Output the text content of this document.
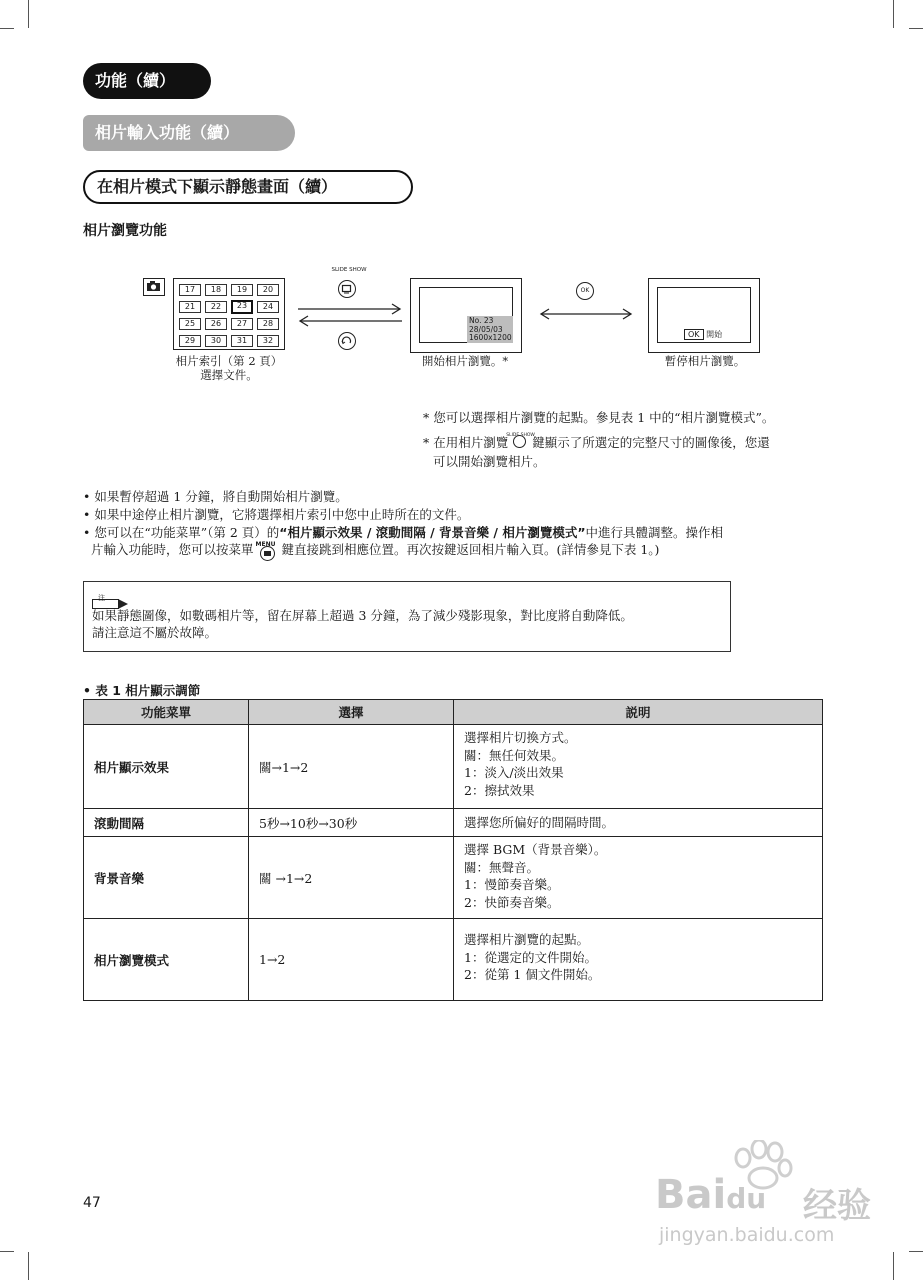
功能（續）
相片輸入功能（續）
在相片模式下顯示靜態畫面（續）
相片瀏覽功能
17	18	19	20
21	22	23	24
25	26	27	28
29	30	31	32
相片索引（第 2 頁）
選擇文件。
SLIDE SHOW
No. 23
28/05/03
1600x1200
開始相片瀏覽。*
OK
OK 開始
暫停相片瀏覽。
* 您可以選擇相片瀏覽的起點。參見表 1 中的“相片瀏覽模式”。
* 在用相片瀏覽
SLIDE SHOW
鍵顯示了所選定的完整尺寸的圖像後，您還
可以開始瀏覽相片。
• 如果暫停超過 1 分鐘，將自動開始相片瀏覽。
• 如果中途停止相片瀏覽，它將選擇相片索引中您中止時所在的文件。
• 您可以在“功能菜單”（第 2 頁）的“相片顯示效果 / 滾動間隔 / 背景音樂 / 相片瀏覽模式”中進行具體調整。操作相
片輸入功能時，您可以按菜單 MENU 鍵直接跳到相應位置。再次按鍵返回相片輸入頁。(詳情參見下表 1。)
注
如果靜態圖像，如數碼相片等，留在屏幕上超過 3 分鐘，為了減少殘影現象，對比度將自動降低。
請注意這不屬於故障。
• 表 1 相片顯示調節
功能菜單	選擇	説明
相片顯示效果	關→1→2	選擇相片切換方式。
關：無任何效果。
1：淡入/淡出效果
2：擦拭效果

滾動間隔	5秒→10秒→30秒	選擇您所偏好的間隔時間。

背景音樂	關 →1→2	選擇 BGM（背景音樂）。
關：無聲音。
1：慢節奏音樂。
2：快節奏音樂。

相片瀏覽模式	1→2	選擇相片瀏覽的起點。
1：從選定的文件開始。
2：從第 1 個文件開始。
47	Baidu 经验
jingyan.baidu.com
